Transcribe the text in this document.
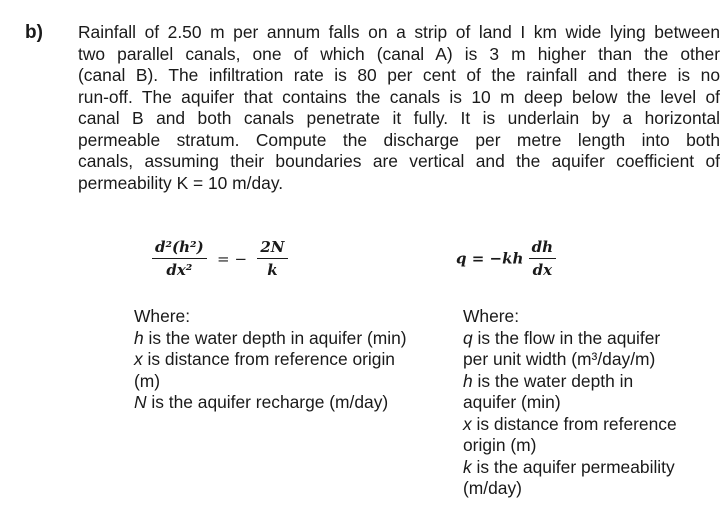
b) Rainfall of 2.50 m per annum falls on a strip of land I km wide lying between
two parallel canals, one of which (canal A) is 3 m higher than the other
(canal B). The infiltration rate is 80 per cent of the rainfall and there is no
run-off. The aquifer that contains the canals is 10 m deep below the level of
canal B and both canals penetrate it fully. It is underlain by a horizontal
permeable stratum. Compute the discharge per metre length into both
canals, assuming their boundaries are vertical and the aquifer coefficient of
permeability K = 10 m/day.
$\frac{\text{d²(h²)}}{\text{dx²}}$ = − $\frac{2N}{k}$	$q = -kh \frac{dh}{dx}$
Where:
h is the water depth in aquifer (min)
x is distance from reference origin
(m)
N is the aquifer recharge (m/day)
Where:
q is the flow in the aquifer
per unit width (m³/day/m)
h is the water depth in
aquifer (min)
x is distance from reference
origin (m)
k is the aquifer permeability
(m/day)
